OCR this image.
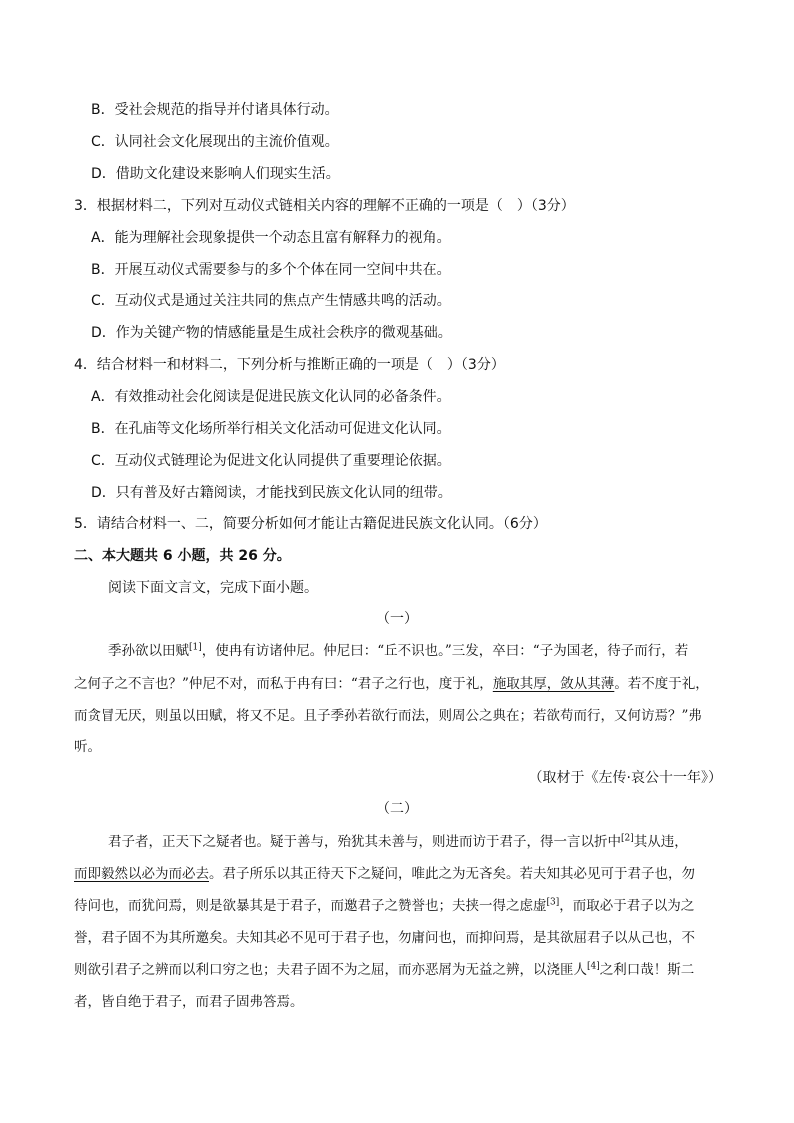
B．受社会规范的指导并付诸具体行动。
C．认同社会文化展现出的主流价值观。
D．借助文化建设来影响人们现实生活。
3．根据材料二，下列对互动仪式链相关内容的理解不正确的一项是（　）（3分）
A．能为理解社会现象提供一个动态且富有解释力的视角。
B．开展互动仪式需要参与的多个个体在同一空间中共在。
C．互动仪式是通过关注共同的焦点产生情感共鸣的活动。
D．作为关键产物的情感能量是生成社会秩序的微观基础。
4．结合材料一和材料二，下列分析与推断正确的一项是（　）（3分）
A．有效推动社会化阅读是促进民族文化认同的必备条件。
B．在孔庙等文化场所举行相关文化活动可促进文化认同。
C．互动仪式链理论为促进文化认同提供了重要理论依据。
D．只有普及好古籍阅读，才能找到民族文化认同的纽带。
5．请结合材料一、二，简要分析如何才能让古籍促进民族文化认同。（6分）
二、本大题共 6 小题，共 26 分。
阅读下面文言文，完成下面小题。
（一）
季孙欲以田赋[1]，使冉有访诸仲尼。仲尼曰：“丘不识也。”三发，卒曰：“子为国老，待子而行，若
之何子之不言也？”仲尼不对，而私于冉有曰：“君子之行也，度于礼，施取其厚，敛从其薄。若不度于礼，
而贪冒无厌，则虽以田赋，将又不足。且子季孙若欲行而法，则周公之典在；若欲苟而行，又何访焉？”弗
听。
（取材于《左传·哀公十一年》）
（二）
君子者，正天下之疑者也。疑于善与，殆犹其未善与，则进而访于君子，得一言以折中[2]其从违，
而即毅然以必为而必去。君子所乐以其正待天下之疑问，唯此之为无吝矣。若夫知其必见可于君子也，勿
待问也，而犹问焉，则是欲暴其是于君子，而邀君子之赞誉也；夫挟一得之虑虚[3]，而取必于君子以为之
誉，君子固不为其所邀矣。夫知其必不见可于君子也，勿庸问也，而抑问焉，是其欲屈君子以从己也，不
则欲引君子之辨而以利口穷之也；夫君子固不为之屈，而亦恶屑为无益之辨，以浇匪人[4]之利口哉！斯二
者，皆自绝于君子，而君子固弗答焉。
